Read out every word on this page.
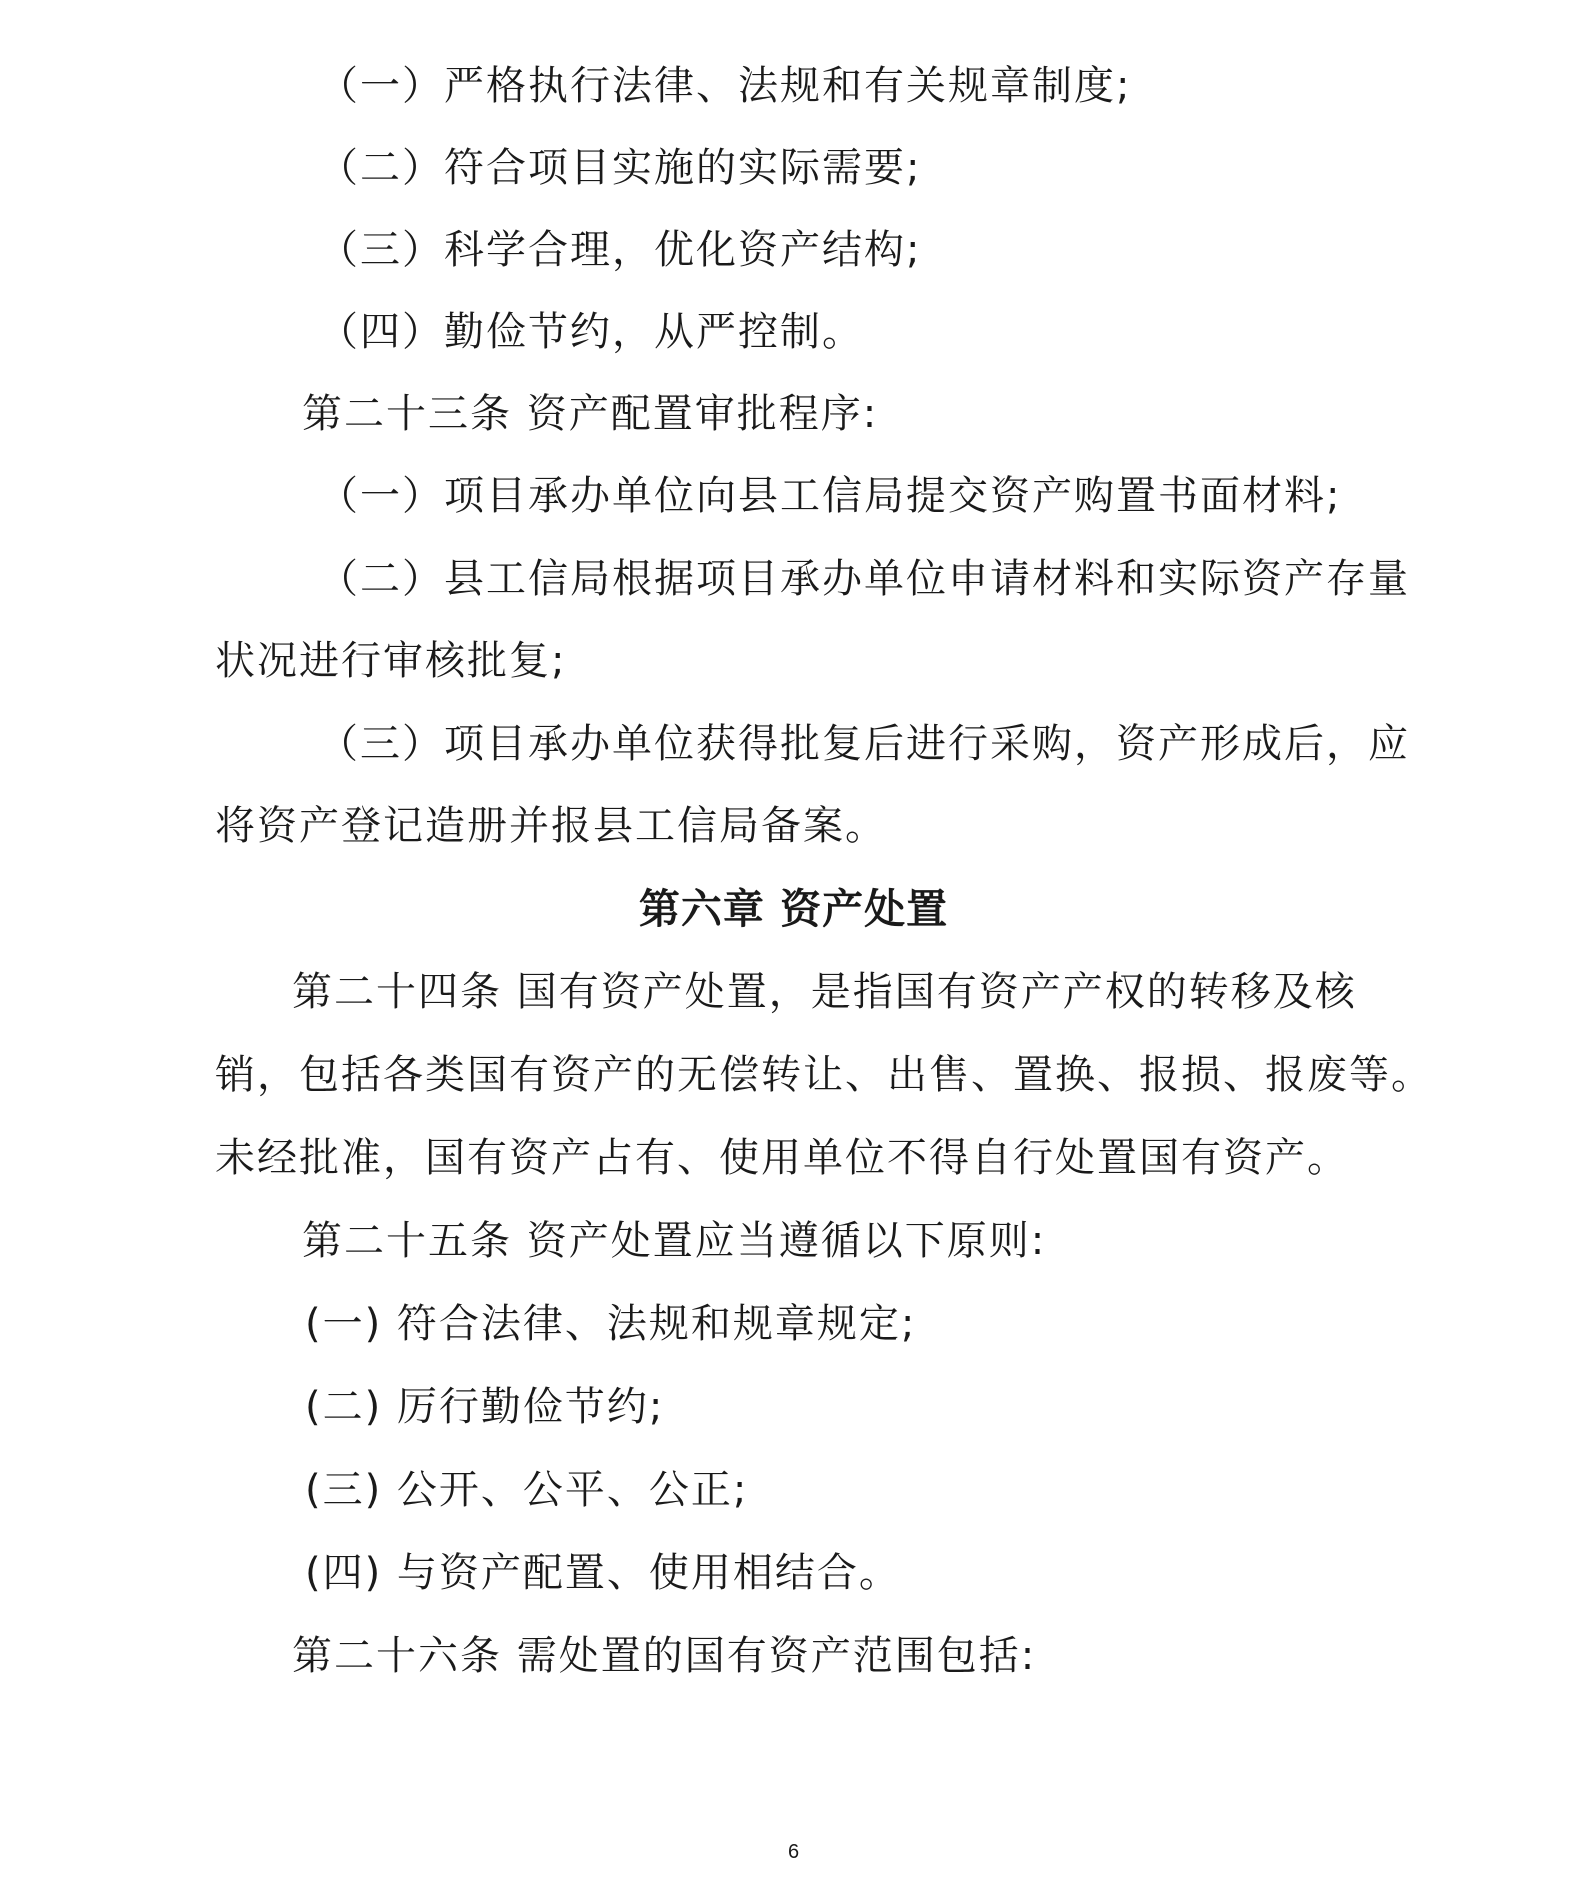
（一）严格执行法律、法规和有关规章制度;
（二）符合项目实施的实际需要;
（三）科学合理，优化资产结构;
（四）勤俭节约，从严控制。
第二十三条 资产配置审批程序:
（一）项目承办单位向县工信局提交资产购置书面材料;
（二）县工信局根据项目承办单位申请材料和实际资产存量
状况进行审核批复;
（三）项目承办单位获得批复后进行采购，资产形成后，应
将资产登记造册并报县工信局备案。
第六章 资产处置
第二十四条 国有资产处置，是指国有资产产权的转移及核
销，包括各类国有资产的无偿转让、出售、置换、报损、报废等。
未经批准，国有资产占有、使用单位不得自行处置国有资产。
第二十五条 资产处置应当遵循以下原则:
(一) 符合法律、法规和规章规定;
(二) 厉行勤俭节约;
(三) 公开、公平、公正;
(四) 与资产配置、使用相结合。
第二十六条 需处置的国有资产范围包括:
6
